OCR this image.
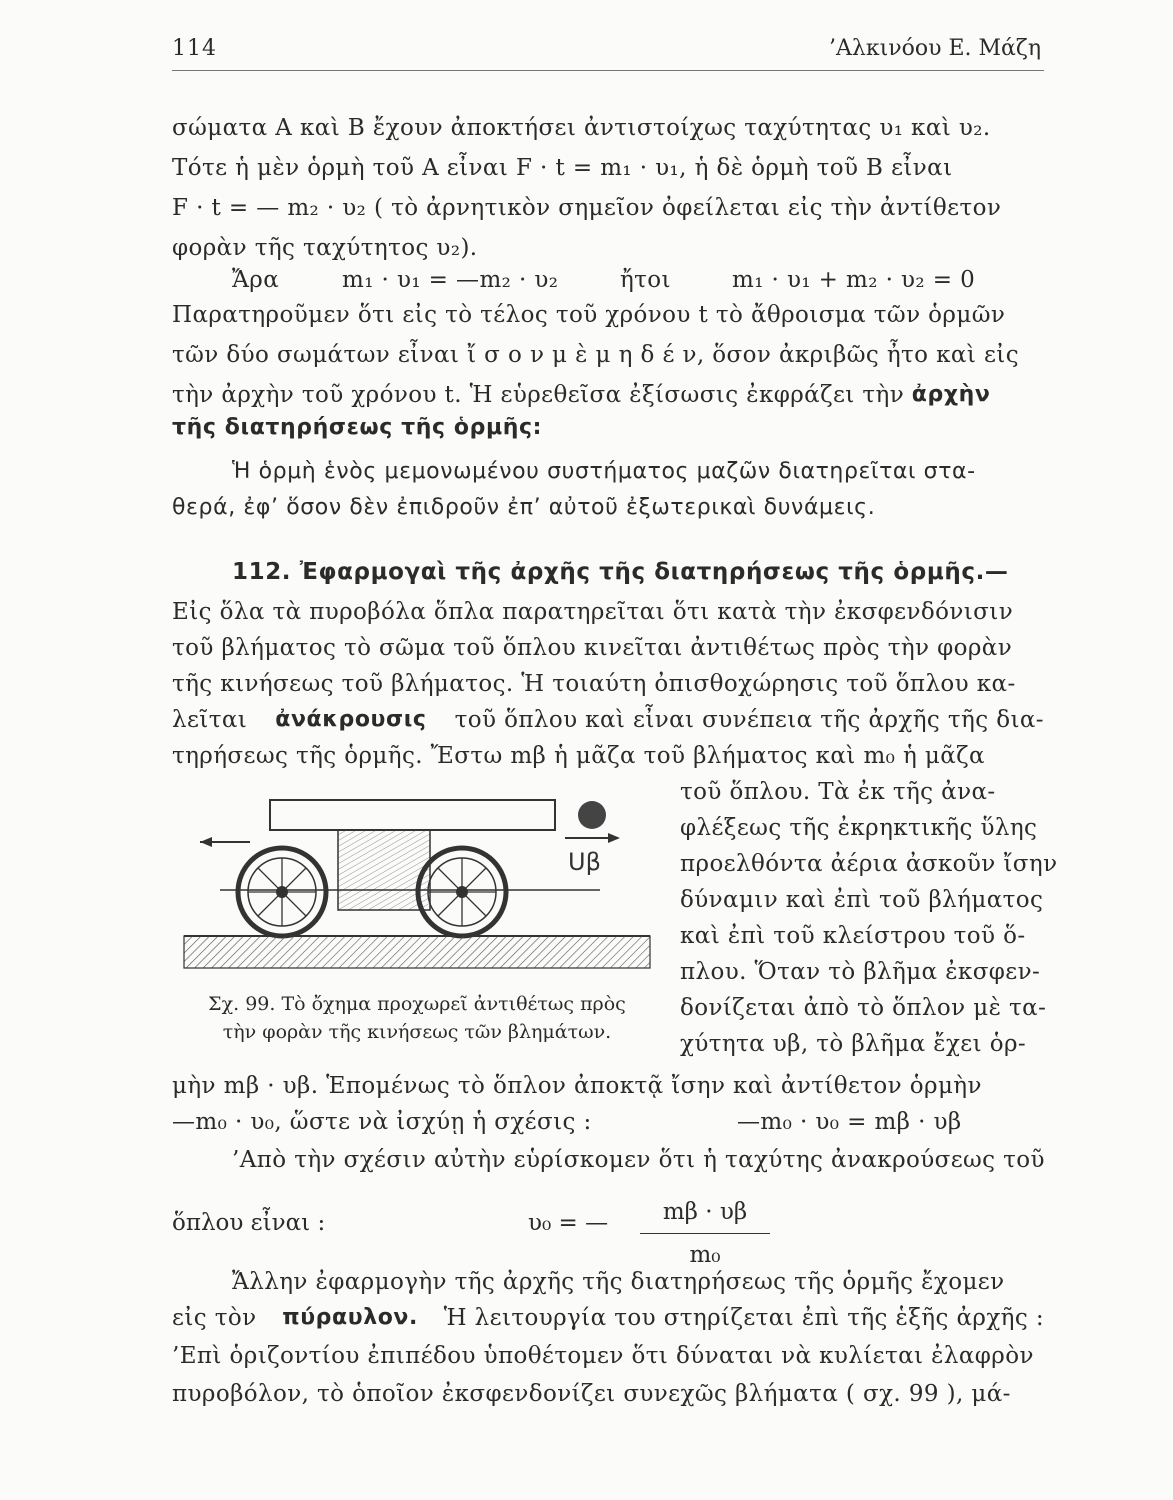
114	’Αλκινόου Ε. Μάζη
σώματα Α καὶ Β ἔχουν ἀποκτήσει ἀντιστοίχως ταχύτητας υ₁ καὶ υ₂.
Τότε ἡ μὲν ὁρμὴ τοῦ Α εἶναι F · t = m₁ · υ₁, ἡ δὲ ὁρμὴ τοῦ Β εἶναι
F · t = — m₂ · υ₂ ( τὸ ἀρνητικὸν σημεῖον ὀφείλεται εἰς τὴν ἀντίθετον
φορὰν τῆς ταχύτητος υ₂).
Ἄρα	m₁ · υ₁ = —m₂ · υ₂	ἤτοι	m₁ · υ₁ + m₂ · υ₂ = 0
Παρατηροῦμεν ὅτι εἰς τὸ τέλος τοῦ χρόνου t τὸ ἄθροισμα τῶν ὁρμῶν
τῶν δύο σωμάτων εἶναι ἴ σ ο ν μ ὲ μ η δ έ ν, ὅσον ἀκριβῶς ἦτο καὶ εἰς
τὴν ἀρχὴν τοῦ χρόνου t. Ἡ εὑρεθεῖσα ἐξίσωσις ἐκφράζει τὴν
ἀρχὴν
τῆς διατηρήσεως τῆς ὁρμῆς:
Ἡ ὁρμὴ ἑνὸς μεμονωμένου συστήματος μαζῶν διατηρεῖται στα-
θερά, ἐφ’ ὅσον δὲν ἐπιδροῦν ἐπ’ αὐτοῦ ἐξωτερικαὶ δυνάμεις.
112. Ἐφαρμογαὶ τῆς ἀρχῆς τῆς διατηρήσεως τῆς ὁρμῆς.—
Εἰς ὅλα τὰ πυροβόλα ὅπλα παρατηρεῖται ὅτι κατὰ τὴν ἐκσφενδόνισιν
τοῦ βλήματος τὸ σῶμα τοῦ ὅπλου κινεῖται ἀντιθέτως πρὸς τὴν φορὰν
τῆς κινήσεως τοῦ βλήματος. Ἡ τοιαύτη ὀπισθοχώρησις τοῦ ὅπλου κα-
λεῖται ἀνάκρουσις τοῦ ὅπλου καὶ εἶναι συνέπεια τῆς ἀρχῆς τῆς δια-
τηρήσεως τῆς ὁρμῆς. Ἔστω mβ ἡ μᾶζα τοῦ βλήματος καὶ m₀ ἡ μᾶζα
τοῦ ὅπλου. Τὰ ἐκ τῆς ἀνα-
φλέξεως τῆς ἐκρηκτικῆς ὕλης
προελθόντα ἀέρια ἀσκοῦν ἴσην
δύναμιν καὶ ἐπὶ τοῦ βλήματος
καὶ ἐπὶ τοῦ κλείστρου τοῦ ὅ-
πλου. Ὅταν τὸ βλῆμα ἐκσφεν-
δονίζεται ἀπὸ τὸ ὅπλον μὲ τα-
χύτητα υβ, τὸ βλῆμα ἔχει ὁρ-
Uβ
Σχ. 99. Τὸ ὄχημα προχωρεῖ ἀντιθέτως πρὸς
τὴν φορὰν τῆς κινήσεως τῶν βλημάτων.
μὴν mβ · υβ. Ἑπομένως τὸ ὅπλον ἀποκτᾷ ἴσην καὶ ἀντίθετον ὁρμὴν
—m₀ · υ₀, ὥστε νὰ ἰσχύῃ ἡ σχέσις :	—m₀ · υ₀ = mβ · υβ
’Απὸ τὴν σχέσιν αὐτὴν εὑρίσκομεν ὅτι ἡ ταχύτης ἀνακρούσεως τοῦ
ὅπλου εἶναι :	υ₀ = —	mβ · υβ
m₀
Ἄλλην ἐφαρμογὴν τῆς ἀρχῆς τῆς διατηρήσεως τῆς ὁρμῆς ἔχομεν
εἰς τὸν πύραυλον. Ἡ λειτουργία του στηρίζεται ἐπὶ τῆς ἑξῆς ἀρχῆς :
’Επὶ ὁριζοντίου ἐπιπέδου ὑποθέτομεν ὅτι δύναται νὰ κυλίεται ἐλαφρὸν
πυροβόλον, τὸ ὁποῖον ἐκσφενδονίζει συνεχῶς βλήματα ( σχ. 99 ), μά-
